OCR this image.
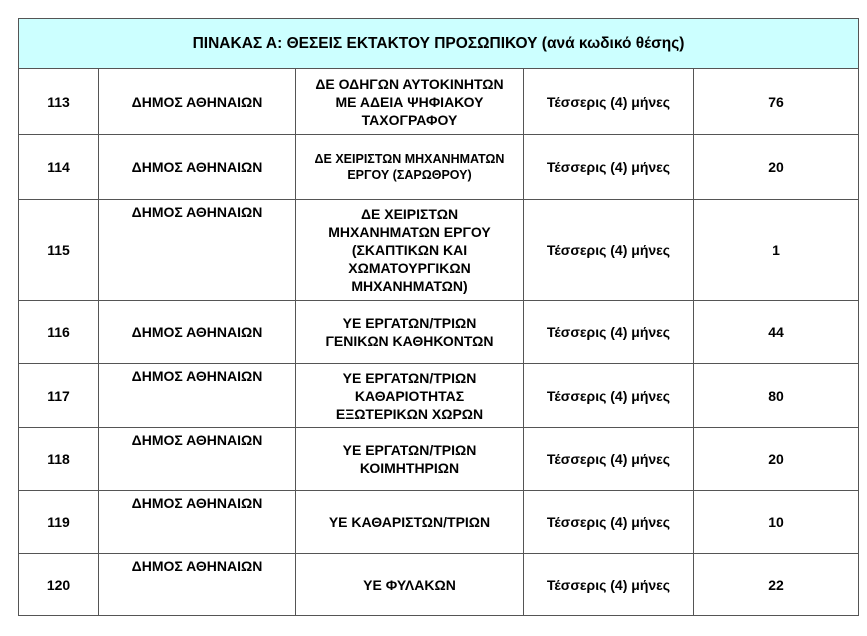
ΠΙΝΑΚΑΣ Α: ΘΕΣΕΙΣ ΕΚΤΑΚΤΟΥ ΠΡΟΣΩΠΙΚΟΥ (ανά κωδικό θέσης)				
113	ΔΗΜΟΣ ΑΘΗΝΑΙΩΝ	ΔΕ ΟΔΗΓΩΝ ΑΥΤΟΚΙΝΗΤΩΝ
ΜΕ ΑΔΕΙΑ ΨΗΦΙΑΚΟΥ
ΤΑΧΟΓΡΑΦΟΥ	Τέσσερις (4) μήνες	76
114	ΔΗΜΟΣ ΑΘΗΝΑΙΩΝ	ΔΕ ΧΕΙΡΙΣΤΩΝ ΜΗΧΑΝΗΜΑΤΩΝ
ΕΡΓΟΥ (ΣΑΡΩΘΡΟΥ)	Τέσσερις (4) μήνες	20
115	ΔΗΜΟΣ ΑΘΗΝΑΙΩΝ	ΔΕ ΧΕΙΡΙΣΤΩΝ
ΜΗΧΑΝΗΜΑΤΩΝ ΕΡΓΟΥ
(ΣΚΑΠΤΙΚΩΝ ΚΑΙ
ΧΩΜΑΤΟΥΡΓΙΚΩΝ
ΜΗΧΑΝΗΜΑΤΩΝ)	Τέσσερις (4) μήνες	1
116	ΔΗΜΟΣ ΑΘΗΝΑΙΩΝ	ΥΕ ΕΡΓΑΤΩΝ/ΤΡΙΩΝ
ΓΕΝΙΚΩΝ ΚΑΘΗΚΟΝΤΩΝ	Τέσσερις (4) μήνες	44
117	ΔΗΜΟΣ ΑΘΗΝΑΙΩΝ	ΥΕ ΕΡΓΑΤΩΝ/ΤΡΙΩΝ
ΚΑΘΑΡΙΟΤΗΤΑΣ
ΕΞΩΤΕΡΙΚΩΝ ΧΩΡΩΝ	Τέσσερις (4) μήνες	80
118	ΔΗΜΟΣ ΑΘΗΝΑΙΩΝ	ΥΕ ΕΡΓΑΤΩΝ/ΤΡΙΩΝ
ΚΟΙΜΗΤΗΡΙΩΝ	Τέσσερις (4) μήνες	20
119	ΔΗΜΟΣ ΑΘΗΝΑΙΩΝ	ΥΕ ΚΑΘΑΡΙΣΤΩΝ/ΤΡΙΩΝ	Τέσσερις (4) μήνες	10
120	ΔΗΜΟΣ ΑΘΗΝΑΙΩΝ	ΥΕ ΦΥΛΑΚΩΝ	Τέσσερις (4) μήνες	22
